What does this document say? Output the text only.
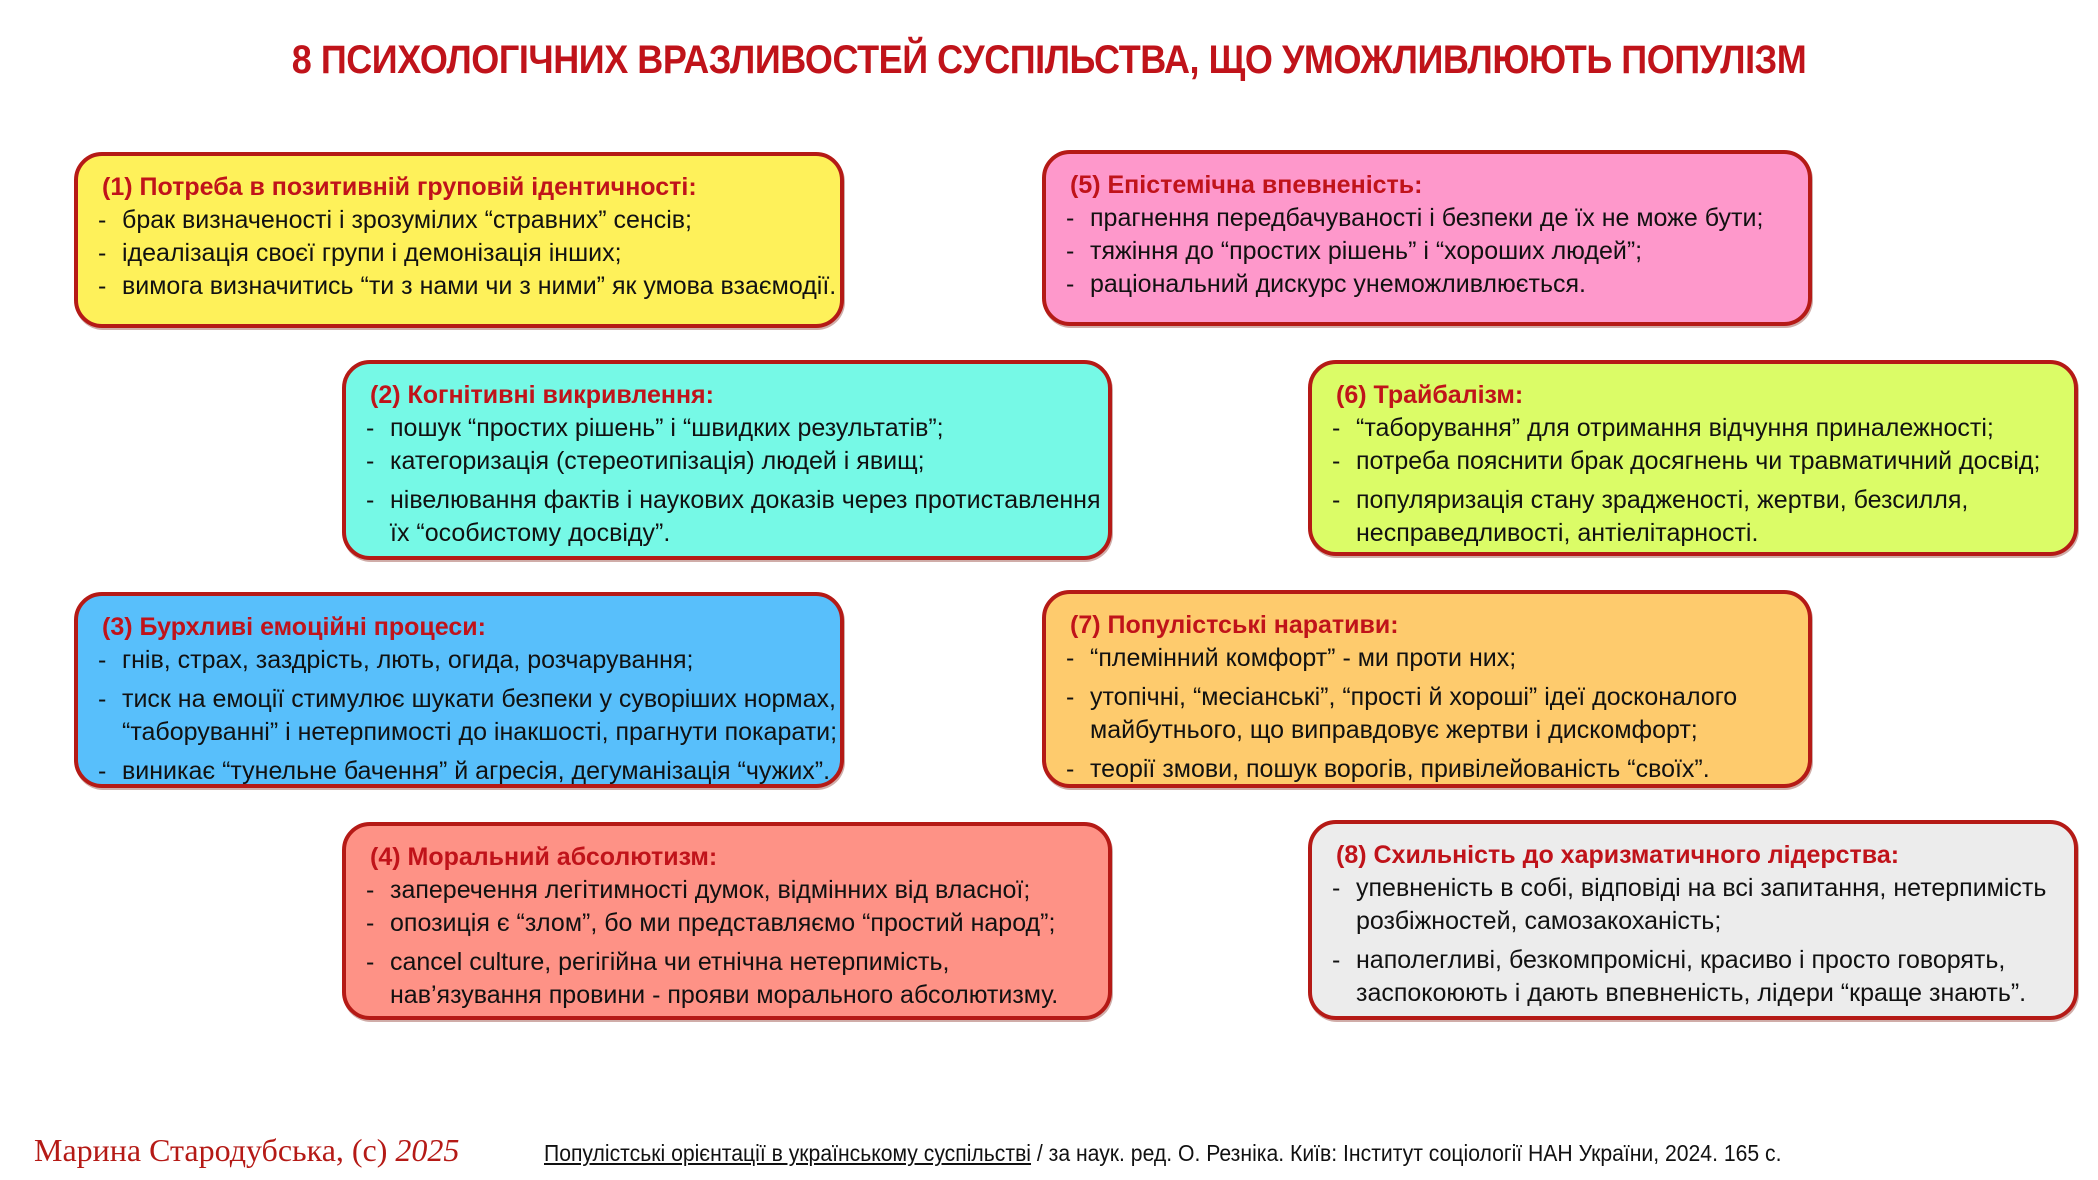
8 ПСИХОЛОГІЧНИХ ВРАЗЛИВОСТЕЙ СУСПІЛЬСТВА, ЩО УМОЖЛИВЛЮЮТЬ ПОПУЛІЗМ
(1) Потреба в позитивній груповій ідентичності:
- брак визначеності і зрозумілих “стравних” сенсів;
- ідеалізація своєї групи і демонізація інших;
- вимога визначитись “ти з нами чи з ними” як умова взаємодії.
(2) Когнітивні викривлення:
- пошук “простих рішень” і “швидких результатів”;
- категоризація (стереотипізація) людей і явищ;
- нівелювання фактів і наукових доказів через протиставлення
їх “особистому досвіду”.
(3) Бурхливі емоційні процеси:
- гнів, страх, заздрість, лють, огида, розчарування;
- тиск на емоції стимулює шукати безпеки у суворіших нормах,
“таборуванні” і нетерпимості до інакшості, прагнути покарати;
- виникає “тунельне бачення” й агресія, дегуманізація “чужих”.
(4) Моральний абсолютизм:
- заперечення легітимності думок, відмінних від власної;
- опозиція є “злом”, бо ми представляємо “простий народ”;
- cancel culture, регігійна чи етнічна нетерпимість,
нав’язування провини - прояви морального абсолютизму.
(5) Епістемічна впевненість:
- прагнення передбачуваності і безпеки де їх не може бути;
- тяжіння до “простих рішень” і “хороших людей”;
- раціональний дискурс унеможливлюється.
(6) Трайбалізм:
- “таборування” для отримання відчуння приналежності;
- потреба пояснити брак досягнень чи травматичний досвід;
- популяризація стану зрадженості, жертви, безсилля,
несправедливості, антіелітарності.
(7) Популістські наративи:
- “племінний комфорт” - ми проти них;
- утопічні, “месіанські”, “прості й хороші” ідеї досконалого
майбутнього, що виправдовує жертви і дискомфорт;
- теорії змови, пошук ворогів, привілейованість “своїх”.
(8) Схильність до харизматичного лідерства:
- упевненість в собі, відповіді на всі запитання, нетерпимість
розбіжностей, самозакоханість;
- наполегливі, безкомпромісні, красиво і просто говорять,
заспокоюють і дають впевненість, лідери “краще знають”.
Марина Стародубська, (с) 2025	Популістські орієнтації в українському суспільстві / за наук. ред. О. Резніка. Київ: Інститут соціології НАН України, 2024. 165 с.
